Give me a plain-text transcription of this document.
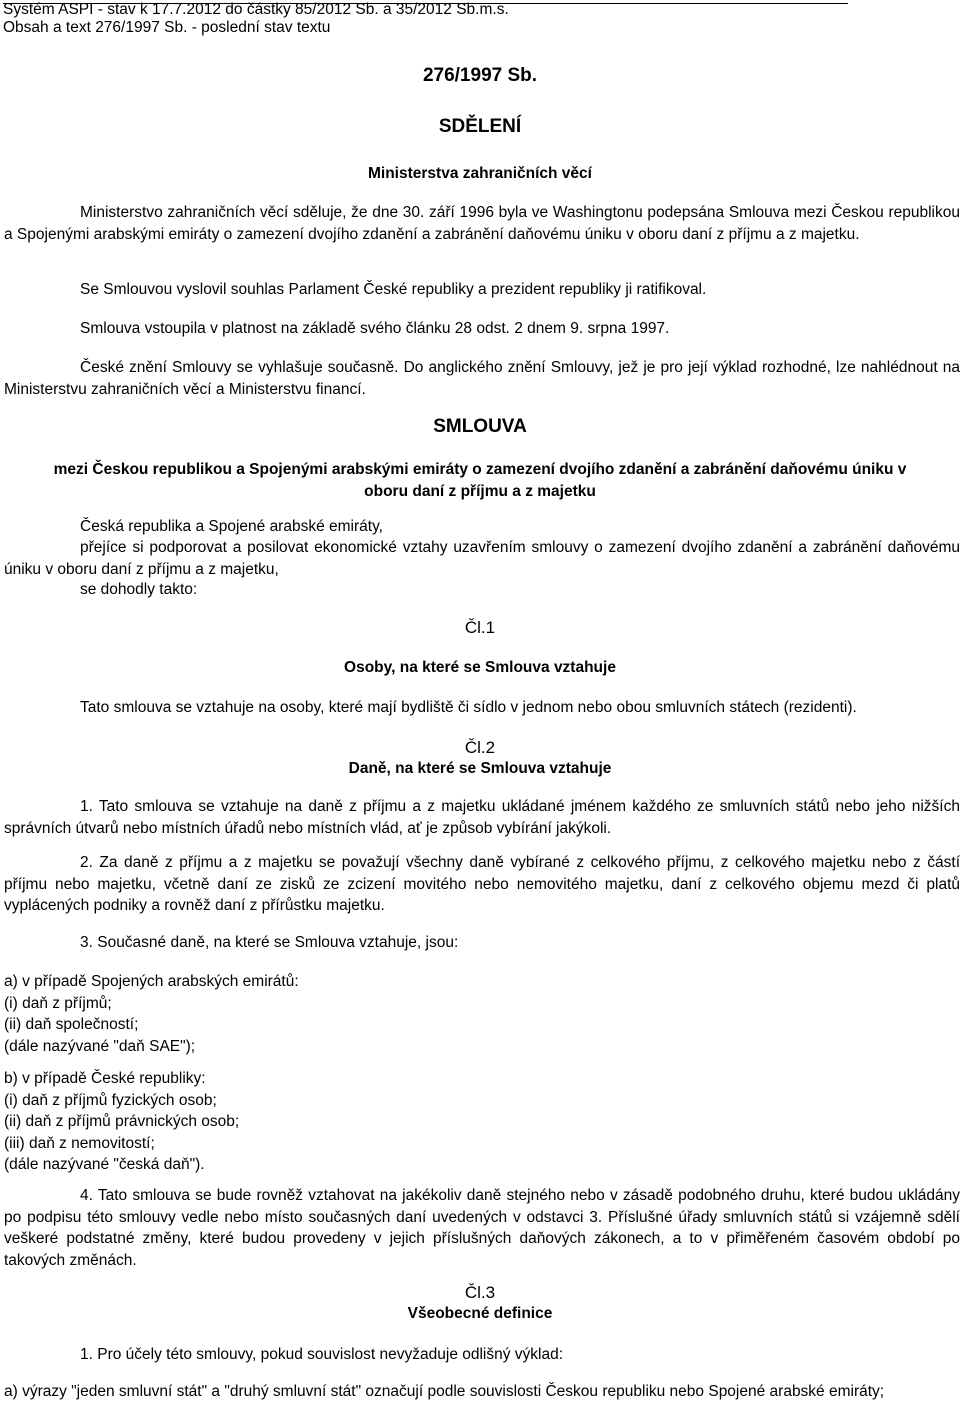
Systém ASPI - stav k 17.7.2012 do částky 85/2012 Sb. a 35/2012 Sb.m.s.
Obsah a text 276/1997 Sb. - poslední stav textu
276/1997 Sb.
SDĚLENÍ
Ministerstva zahraničních věcí
Ministerstvo zahraničních věcí sděluje, že dne 30. září 1996 byla ve Washingtonu podepsána Smlouva mezi Českou republikou a Spojenými arabskými emiráty o zamezení dvojího zdanění a zabránění daňovému úniku v oboru daní z příjmu a z majetku.
Se Smlouvou vyslovil souhlas Parlament České republiky a prezident republiky ji ratifikoval.
Smlouva vstoupila v platnost na základě svého článku 28 odst. 2 dnem 9. srpna 1997.
České znění Smlouvy se vyhlašuje současně. Do anglického znění Smlouvy, jež je pro její výklad rozhodné, lze nahlédnout na Ministerstvu zahraničních věcí a Ministerstvu financí.
SMLOUVA
mezi Českou republikou a Spojenými arabskými emiráty o zamezení dvojího zdanění a zabránění daňovému úniku v oboru daní z příjmu a z majetku
Česká republika a Spojené arabské emiráty,
přejíce si podporovat a posilovat ekonomické vztahy uzavřením smlouvy o zamezení dvojího zdanění a zabránění daňovému úniku v oboru daní z příjmu a z majetku,
se dohodly takto:
Čl.1
Osoby, na které se Smlouva vztahuje
Tato smlouva se vztahuje na osoby, které mají bydliště či sídlo v jednom nebo obou smluvních státech (rezidenti).
Čl.2
Daně, na které se Smlouva vztahuje
1. Tato smlouva se vztahuje na daně z příjmu a z majetku ukládané jménem každého ze smluvních států nebo jeho nižších správních útvarů nebo místních úřadů nebo místních vlád, ať je způsob vybírání jakýkoli.
2. Za daně z příjmu a z majetku se považují všechny daně vybírané z celkového příjmu, z celkového majetku nebo z částí příjmu nebo majetku, včetně daní ze zisků ze zcizení movitého nebo nemovitého majetku, daní z celkového objemu mezd či platů vyplácených podniky a rovněž daní z přírůstku majetku.
3. Současné daně, na které se Smlouva vztahuje, jsou:
a) v případě Spojených arabských emirátů:
(i) daň z příjmů;
(ii) daň společností;
(dále nazývané "daň SAE");
b) v případě České republiky:
(i) daň z příjmů fyzických osob;
(ii) daň z příjmů právnických osob;
(iii) daň z nemovitostí;
(dále nazývané "česká daň").
4. Tato smlouva se bude rovněž vztahovat na jakékoliv daně stejného nebo v zásadě podobného druhu, které budou ukládány po podpisu této smlouvy vedle nebo místo současných daní uvedených v odstavci 3. Příslušné úřady smluvních států si vzájemně sdělí veškeré podstatné změny, které budou provedeny v jejich příslušných daňových zákonech, a to v přiměřeném časovém období po takových změnách.
Čl.3
Všeobecné definice
1. Pro účely této smlouvy, pokud souvislost nevyžaduje odlišný výklad:
a) výrazy "jeden smluvní stát" a "druhý smluvní stát" označují podle souvislosti Českou republiku nebo Spojené arabské emiráty;
